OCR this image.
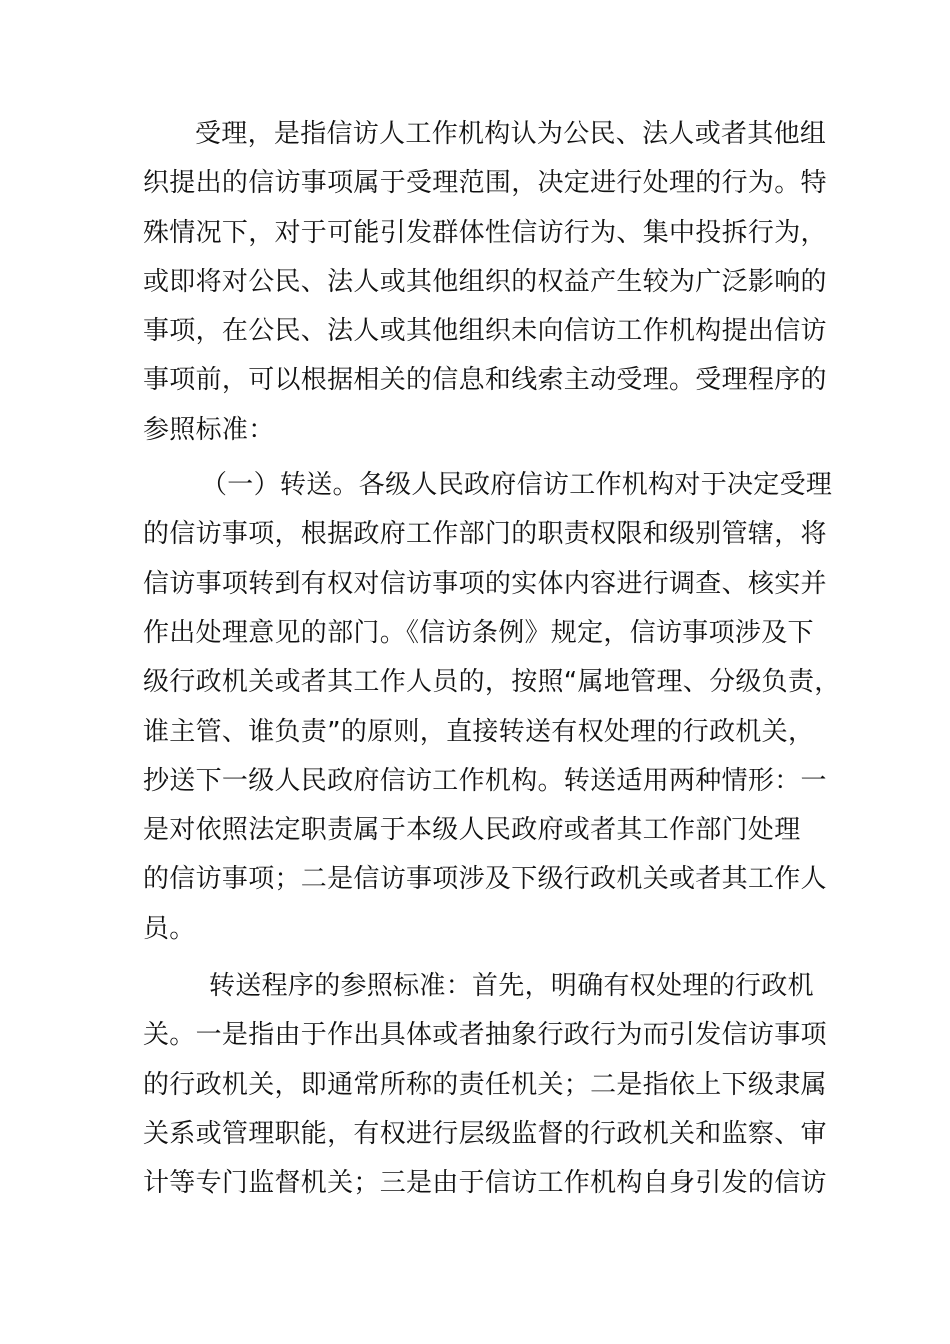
受理，是指信访人工作机构认为公民、法人或者其他组
织提出的信访事项属于受理范围，决定进行处理的行为。特
殊情况下，对于可能引发群体性信访行为、集中投拆行为，
或即将对公民、法人或其他组织的权益产生较为广泛影响的
事项，在公民、法人或其他组织未向信访工作机构提出信访
事项前，可以根据相关的信息和线索主动受理。受理程序的
参照标准：
（一）转送。各级人民政府信访工作机构对于决定受理
的信访事项，根据政府工作部门的职责权限和级别管辖，将
信访事项转到有权对信访事项的实体内容进行调查、核实并
作出处理意见的部门。《信访条例》规定，信访事项涉及下
级行政机关或者其工作人员的，按照“属地管理、分级负责，
谁主管、谁负责”的原则，直接转送有权处理的行政机关，
抄送下一级人民政府信访工作机构。转送适用两种情形：一
是对依照法定职责属于本级人民政府或者其工作部门处理
的信访事项；二是信访事项涉及下级行政机关或者其工作人
员。
转送程序的参照标准：首先，明确有权处理的行政机
关。一是指由于作出具体或者抽象行政行为而引发信访事项
的行政机关，即通常所称的责任机关；二是指依上下级隶属
关系或管理职能，有权进行层级监督的行政机关和监察、审
计等专门监督机关；三是由于信访工作机构自身引发的信访
